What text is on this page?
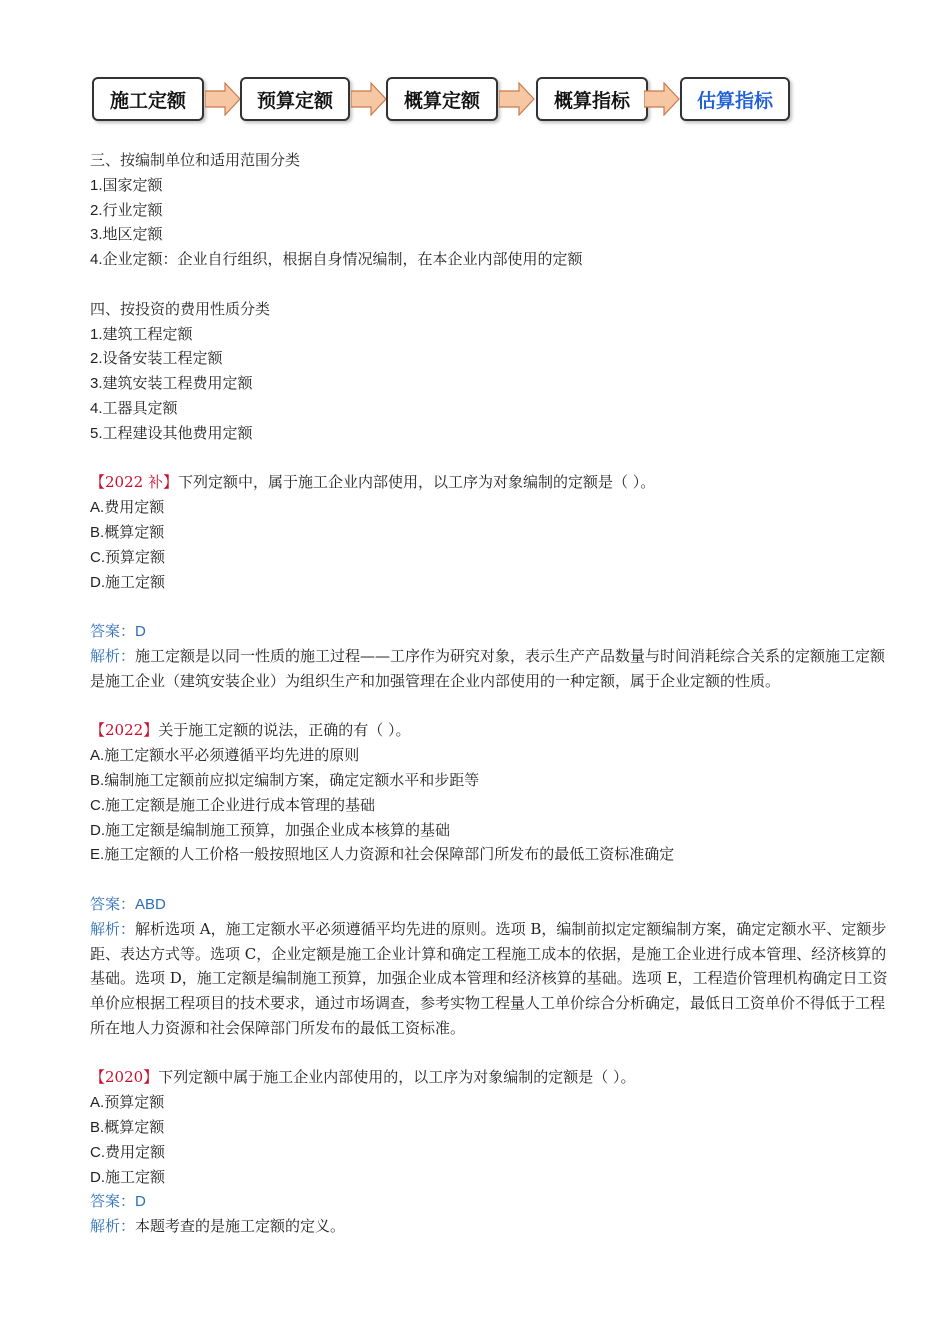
施工定额	预算定额	概算定额	概算指标	估算指标
三、按编制单位和适用范围分类
1.国家定额
2.行业定额
3.地区定额
4.企业定额：企业自行组织，根据自身情况编制，在本企业内部使用的定额
四、按投资的费用性质分类
1.建筑工程定额
2.设备安装工程定额
3.建筑安装工程费用定额
4.工器具定额
5.工程建设其他费用定额
【2022 补】下列定额中，属于施工企业内部使用，以工序为对象编制的定额是（ ）。
A.费用定额
B.概算定额
C.预算定额
D.施工定额
答案：D
解析：施工定额是以同一性质的施工过程——工序作为研究对象，表示生产产品数量与时间消耗综合关系的定额施工定额是施工企业（建筑安装企业）为组织生产和加强管理在企业内部使用的一种定额，属于企业定额的性质。
【2022】关于施工定额的说法，正确的有（ ）。
A.施工定额水平必须遵循平均先进的原则
B.编制施工定额前应拟定编制方案，确定定额水平和步距等
C.施工定额是施工企业进行成本管理的基础
D.施工定额是编制施工预算，加强企业成本核算的基础
E.施工定额的人工价格一般按照地区人力资源和社会保障部门所发布的最低工资标准确定
答案：ABD
解析：解析选项 A，施工定额水平必须遵循平均先进的原则。选项 B，编制前拟定定额编制方案，确定定额水平、定额步距、表达方式等。选项 C，企业定额是施工企业计算和确定工程施工成本的依据，是施工企业进行成本管理、经济核算的基础。选项 D，施工定额是编制施工预算，加强企业成本管理和经济核算的基础。选项 E，工程造价管理机构确定日工资单价应根据工程项目的技术要求，通过市场调查，参考实物工程量人工单价综合分析确定，最低日工资单价不得低于工程所在地人力资源和社会保障部门所发布的最低工资标准。
【2020】下列定额中属于施工企业内部使用的，以工序为对象编制的定额是（ ）。
A.预算定额
B.概算定额
C.费用定额
D.施工定额
答案：D
解析：本题考查的是施工定额的定义。
